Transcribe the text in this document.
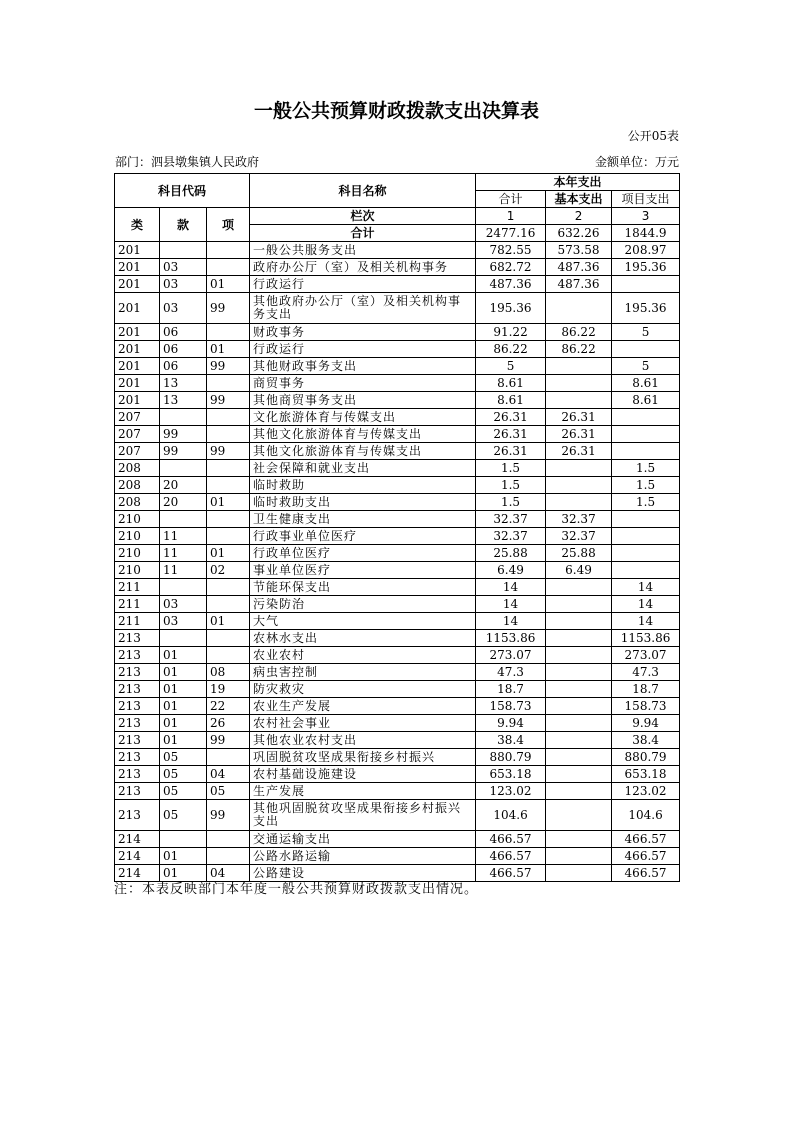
一般公共预算财政拨款支出决算表
公开05表
部门：泗县墩集镇人民政府	金额单位：万元
科目代码			科目名称	本年支出		
				合计	基本支出	项目支出
类	款	项	栏次	1	2	3
			合计	2477.16	632.26	1844.9
201			一般公共服务支出	782.55	573.58	208.97
201	03		政府办公厅（室）及相关机构事务	682.72	487.36	195.36
201	03	01	行政运行	487.36	487.36	
201	03	99	其他政府办公厅（室）及相关机构事务支出	195.36		195.36
201	06		财政事务	91.22	86.22	5
201	06	01	行政运行	86.22	86.22	
201	06	99	其他财政事务支出	5		5
201	13		商贸事务	8.61		8.61
201	13	99	其他商贸事务支出	8.61		8.61
207			文化旅游体育与传媒支出	26.31	26.31	
207	99		其他文化旅游体育与传媒支出	26.31	26.31	
207	99	99	其他文化旅游体育与传媒支出	26.31	26.31	
208			社会保障和就业支出	1.5		1.5
208	20		临时救助	1.5		1.5
208	20	01	临时救助支出	1.5		1.5
210			卫生健康支出	32.37	32.37	
210	11		行政事业单位医疗	32.37	32.37	
210	11	01	行政单位医疗	25.88	25.88	
210	11	02	事业单位医疗	6.49	6.49	
211			节能环保支出	14		14
211	03		污染防治	14		14
211	03	01	大气	14		14
213			农林水支出	1153.86		1153.86
213	01		农业农村	273.07		273.07
213	01	08	病虫害控制	47.3		47.3
213	01	19	防灾救灾	18.7		18.7
213	01	22	农业生产发展	158.73		158.73
213	01	26	农村社会事业	9.94		9.94
213	01	99	其他农业农村支出	38.4		38.4
213	05		巩固脱贫攻坚成果衔接乡村振兴	880.79		880.79
213	05	04	农村基础设施建设	653.18		653.18
213	05	05	生产发展	123.02		123.02
213	05	99	其他巩固脱贫攻坚成果衔接乡村振兴支出	104.6		104.6
214			交通运输支出	466.57		466.57
214	01		公路水路运输	466.57		466.57
214	01	04	公路建设	466.57		466.57
注：本表反映部门本年度一般公共预算财政拨款支出情况。
